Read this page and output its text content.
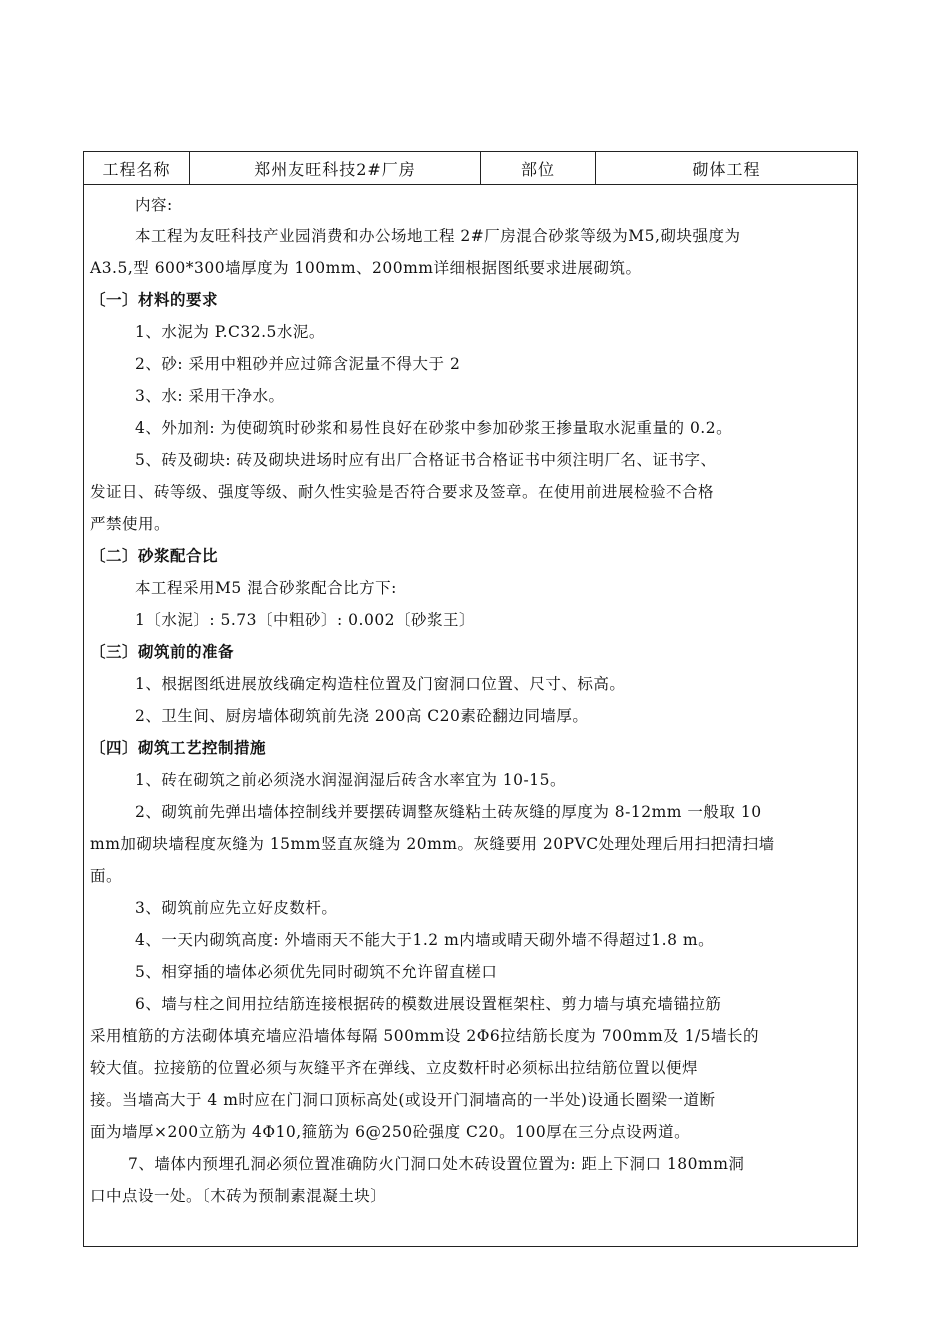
工程名称	郑州友旺科技2#厂房	部位	砌体工程
内容:
本工程为友旺科技产业园消费和办公场地工程 2#厂房混合砂浆等级为M5,砌块强度为
A3.5,型 600*300墙厚度为 100mm、200mm详细根据图纸要求进展砌筑。
〔一〕材料的要求
1、水泥为 P.C32.5水泥。
2、砂: 采用中粗砂并应过筛含泥量不得大于 2
3、水: 采用干净水。
4、外加剂: 为使砌筑时砂浆和易性良好在砂浆中参加砂浆王掺量取水泥重量的 0.2。
5、砖及砌块: 砖及砌块进场时应有出厂合格证书合格证书中须注明厂名、证书字、
发证日、砖等级、强度等级、耐久性实验是否符合要求及签章。在使用前进展检验不合格
严禁使用。
〔二〕砂浆配合比
本工程采用M5 混合砂浆配合比方下:
1〔水泥〕: 5.73〔中粗砂〕: 0.002〔砂浆王〕
〔三〕砌筑前的准备
1、根据图纸进展放线确定构造柱位置及门窗洞口位置、尺寸、标高。
2、卫生间、厨房墙体砌筑前先浇 200高 C20素砼翻边同墙厚。
〔四〕砌筑工艺控制措施
1、砖在砌筑之前必须浇水润湿润湿后砖含水率宜为 10-15。
2、砌筑前先弹出墙体控制线并要摆砖调整灰缝粘土砖灰缝的厚度为 8-12mm 一般取 10
mm加砌块墙程度灰缝为 15mm竖直灰缝为 20mm。灰缝要用 20PVC处理处理后用扫把清扫墙
面。
3、砌筑前应先立好皮数杆。
4、一天内砌筑高度: 外墙雨天不能大于1.2 m内墙或晴天砌外墙不得超过1.8 m。
5、相穿插的墙体必须优先同时砌筑不允许留直槎口
6、墙与柱之间用拉结筋连接根据砖的模数进展设置框架柱、剪力墙与填充墙锚拉筋
采用植筋的方法砌体填充墙应沿墙体每隔 500mm设 2Φ6拉结筋长度为 700mm及 1/5墙长的
较大值。拉接筋的位置必须与灰缝平齐在弹线、立皮数杆时必须标出拉结筋位置以便焊
接。当墙高大于 4 m时应在门洞口顶标高处(或设开门洞墙高的一半处)设通长圈梁一道断
面为墙厚×200立筋为 4Φ10,箍筋为 6@250砼强度 C20。100厚在三分点设两道。
7、墙体内预埋孔洞必须位置准确防火门洞口处木砖设置位置为: 距上下洞口 180mm洞
口中点设一处。〔木砖为预制素混凝土块〕
